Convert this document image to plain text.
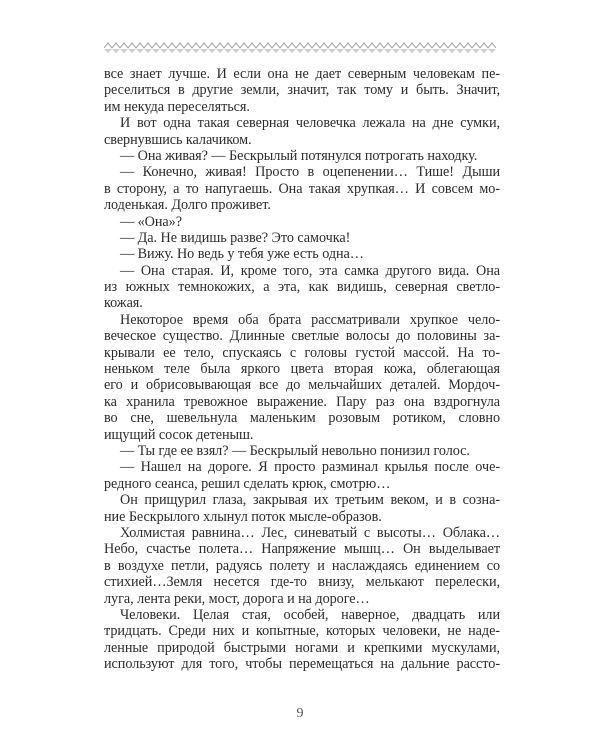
все знает лучше. И если она не дает северным человекам пе-
реселиться в другие земли, значит, так тому и быть. Значит,
им некуда переселяться.
И вот одна такая северная человечка лежала на дне сумки,
свернувшись калачиком.
— Она живая? — Бескрылый потянулся потрогать находку.
— Конечно, живая! Просто в оцепенении… Тише! Дыши
в сторону, а то напугаешь. Она такая хрупкая… И совсем мо-
лоденькая. Долго проживет.
— «Она»?
— Да. Не видишь разве? Это самочка!
— Вижу. Но ведь у тебя уже есть одна…
— Она старая. И, кроме того, эта самка другого вида. Она
из южных темнокожих, а эта, как видишь, северная светло-
кожая.
Некоторое время оба брата рассматривали хрупкое чело-
веческое существо. Длинные светлые волосы до половины за-
крывали ее тело, спускаясь с головы густой массой. На то-
неньком теле была яркого цвета вторая кожа, облегающая
его и обрисовывающая все до мельчайших деталей. Мордоч-
ка хранила тревожное выражение. Пару раз она вздрогнула
во сне, шевельнула маленьким розовым ротиком, словно
ищущий сосок детеныш.
— Ты где ее взял? — Бескрылый невольно понизил голос.
— Нашел на дороге. Я просто разминал крылья после оче-
редного сеанса, решил сделать крюк, смотрю…
Он прищурил глаза, закрывая их третьим веком, и в созна-
ние Бескрылого хлынул поток мысле-образов.
Холмистая равнина… Лес, синеватый с высоты… Облака…
Небо, счастье полета… Напряжение мышц… Он выделывает
в воздухе петли, радуясь полету и наслаждаясь единением со
стихией…Земля несется где-то внизу, мелькают перелески,
луга, лента реки, мост, дорога и на дороге…
Человеки. Целая стая, особей, наверное, двадцать или
тридцать. Среди них и копытные, которых человеки, не наде-
ленные природой быстрыми ногами и крепкими мускулами,
используют для того, чтобы перемещаться на дальние рассто-
9
